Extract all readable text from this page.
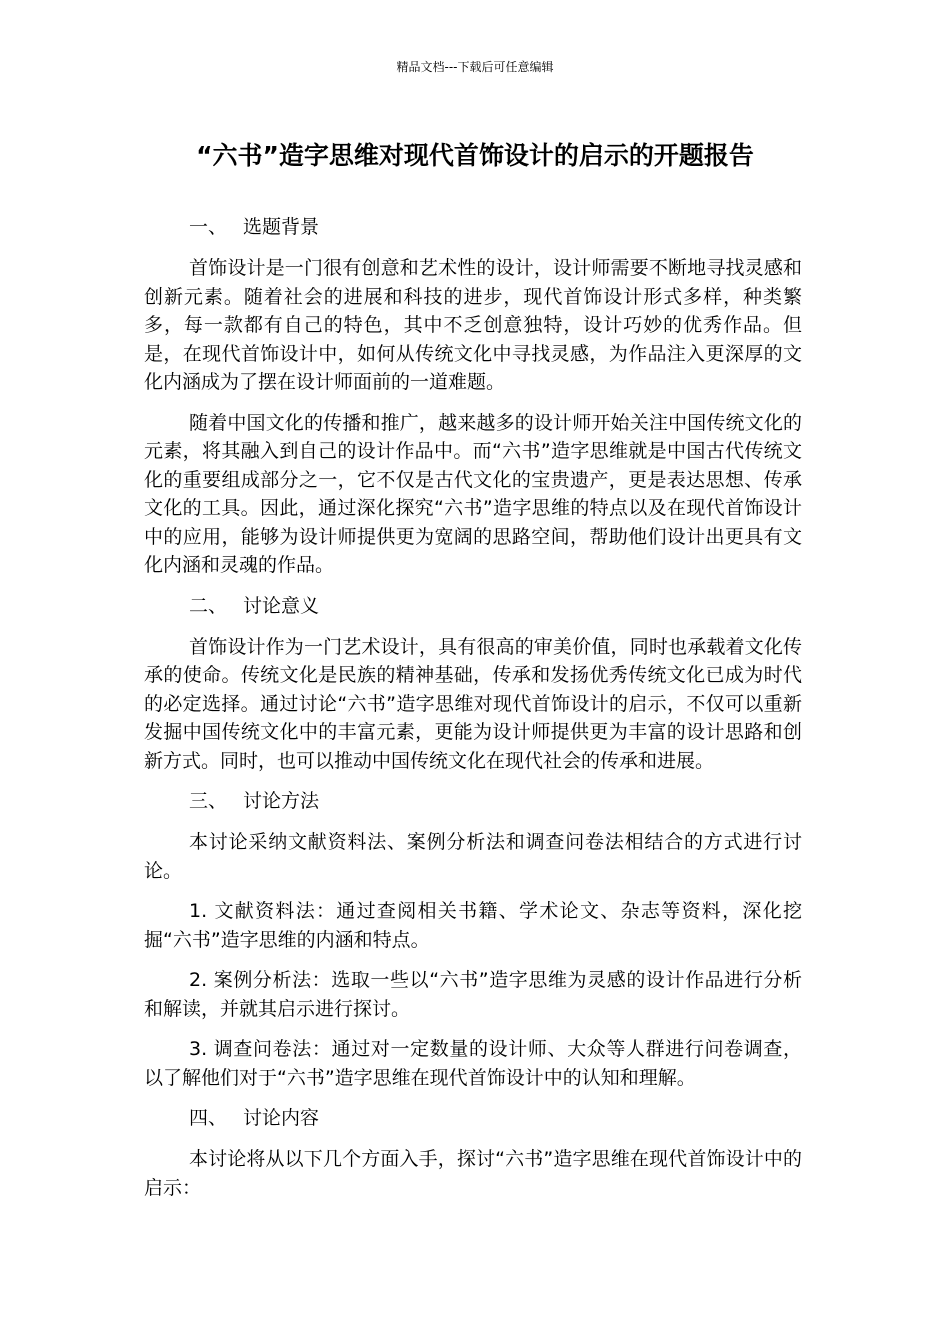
精品文档---下载后可任意编辑
“六书”造字思维对现代首饰设计的启示的开题报告
一、 选题背景

首饰设计是一门很有创意和艺术性的设计，设计师需要不断地寻找灵感和创新元素。随着社会的进展和科技的进步，现代首饰设计形式多样，种类繁多，每一款都有自己的特色，其中不乏创意独特，设计巧妙的优秀作品。但是，在现代首饰设计中，如何从传统文化中寻找灵感，为作品注入更深厚的文化内涵成为了摆在设计师面前的一道难题。

随着中国文化的传播和推广，越来越多的设计师开始关注中国传统文化的元素，将其融入到自己的设计作品中。而“六书”造字思维就是中国古代传统文化的重要组成部分之一，它不仅是古代文化的宝贵遗产，更是表达思想、传承文化的工具。因此，通过深化探究“六书”造字思维的特点以及在现代首饰设计中的应用，能够为设计师提供更为宽阔的思路空间，帮助他们设计出更具有文化内涵和灵魂的作品。

二、 讨论意义

首饰设计作为一门艺术设计，具有很高的审美价值，同时也承载着文化传承的使命。传统文化是民族的精神基础，传承和发扬优秀传统文化已成为时代的必定选择。通过讨论“六书”造字思维对现代首饰设计的启示，不仅可以重新发掘中国传统文化中的丰富元素，更能为设计师提供更为丰富的设计思路和创新方式。同时，也可以推动中国传统文化在现代社会的传承和进展。

三、 讨论方法

本讨论采纳文献资料法、案例分析法和调查问卷法相结合的方式进行讨论。

1. 文献资料法：通过查阅相关书籍、学术论文、杂志等资料，深化挖掘“六书”造字思维的内涵和特点。

2. 案例分析法：选取一些以“六书”造字思维为灵感的设计作品进行分析和解读，并就其启示进行探讨。

3. 调查问卷法：通过对一定数量的设计师、大众等人群进行问卷调查，以了解他们对于“六书”造字思维在现代首饰设计中的认知和理解。

四、 讨论内容

本讨论将从以下几个方面入手，探讨“六书”造字思维在现代首饰设计中的启示：
